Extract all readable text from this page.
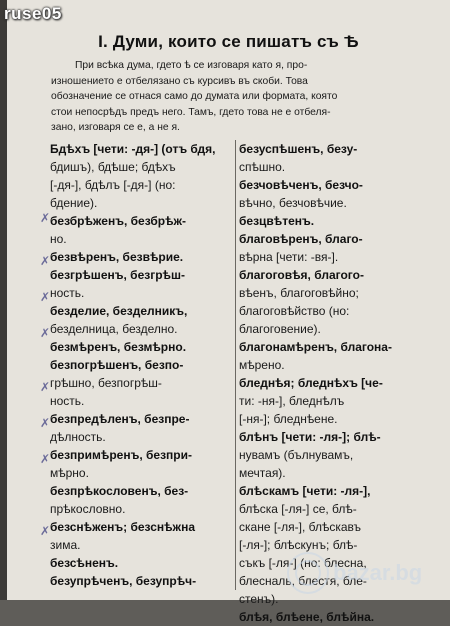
I. Думи, които се пишатъ съ Ѣ

При всѣка дума, гдето ѣ се изговаря като я, про-

изношението е отбелязано съ курсивъ въ скоби. Това

обозначение се отнася само до думата или формата, която

стои непосрѣдъ предъ него. Тамъ, гдето това не е отбеля-

зано, изговаря се е, а не я.

Бдѣхъ [чети: -дя-] (отъ бдя,
бдишъ), бдѣше; бдѣхъ
[-дя-], бдѣлъ [-дя-] (но:
бдение).
безбрѣженъ, безбрѣж-
но.
безвѣренъ, безвѣрие.
безгрѣшенъ, безгрѣш-
ность.
безделие, безделникъ,
безделница, безделно.
безмѣренъ, безмѣрно.
безпогрѣшенъ, безпо-
грѣшно, безпогрѣш-
ность.
безпредѣленъ, безпре-
дѣлность.
безпримѣренъ, безпри-
мѣрно.
безпрѣкословенъ, без-
прѣкословно.
безснѣженъ; безснѣжна
зима.
безсѣненъ.
безупрѣченъ, безупрѣч-
безуспѣшенъ, безу-
спѣшно.
безчовѣченъ, безчо-
вѣчно, безчовѣчие.
безцвѣтенъ.
благовѣренъ, благо-
вѣрна [чети: -вя-].
благоговѣя, благого-
вѣенъ, благоговѣйно;
благоговѣйство (но:
благоговение).
благонамѣренъ, благона-
мѣрено.
бледнѣя; бледнѣхъ [че-
ти: -ня-], бледнѣлъ
[-ня-]; бледнѣене.
блѣнъ [чети: -ля-]; блѣ-
нувамъ (бълнувамъ,
мечтая).
блѣскамъ [чети: -ля-],
блѣска [-ля-] се, блѣ-
скане [-ля-], блѣскавъ
[-ля-]; блѣскунъ; блѣ-
съкъ [-ля-] (но: блесна,
блесналь, блестя, бле-
стенъ).
блѣя, блѣене, блѣйна.
✗
✗
✗
✗
✗
✗
✗
✗
ruse05
bazar.bg
